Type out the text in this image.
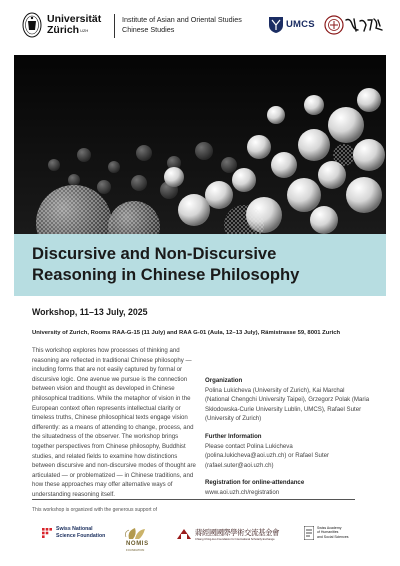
Universität
Zürich$^{UZH}$
Institute of Asian and Oriental Studies
Chinese Studies	UMCS
Discursive and Non-Discursive
Reasoning in Chinese Philosophy
Workshop, 11–13 July, 2025
University of Zurich, Rooms RAA-G-15 (11 July) and RAA G-01 (Aula, 12–13 July), Rämistrasse 59, 8001 Zurich

This workshop explores how processes of thinking and reasoning are reflected in traditional Chinese philosophy — including forms that are not easily captured by formal or discursive logic. One avenue we pursue is the connection between vision and thought as developed in Chinese philosophical traditions. While the metaphor of vision in the European context often represents intellectual clarity or timeless truths, Chinese philosophical texts engage vision differently: as a means of attending to change, process, and the situatedness of the observer. The workshop brings together perspectives from Chinese philosophy, Buddhist studies, and related fields to examine how distinctions between discursive and non-discursive modes of thought are articulated — or problematized — in Chinese traditions, and how these approaches may offer alternative ways of understanding reasoning itself.

Organization

Polina Lukicheva (University of Zurich), Kai Marchal (National Chengchi University Taipei), Grzegorz Polak (Maria Skłodowska-Curie University Lublin, UMCS), Rafael Suter (University of Zurich)

Further Information

Please contact Polina Lukicheva (polina.lukicheva@aoi.uzh.ch) or Rafael Suter (rafael.suter@aoi.uzh.ch)

Registration for online-attendance

www.aoi.uzh.ch/registration

This workshop is organized with the generous support of
Swiss National
Science Foundation
NOMIS
FOUNDATION
蔣經國國際學術交流基金會
Chiang Ching-kuo Foundation for International Scholarly Exchange
Swiss Academy
of Humanities
and Social Sciences
